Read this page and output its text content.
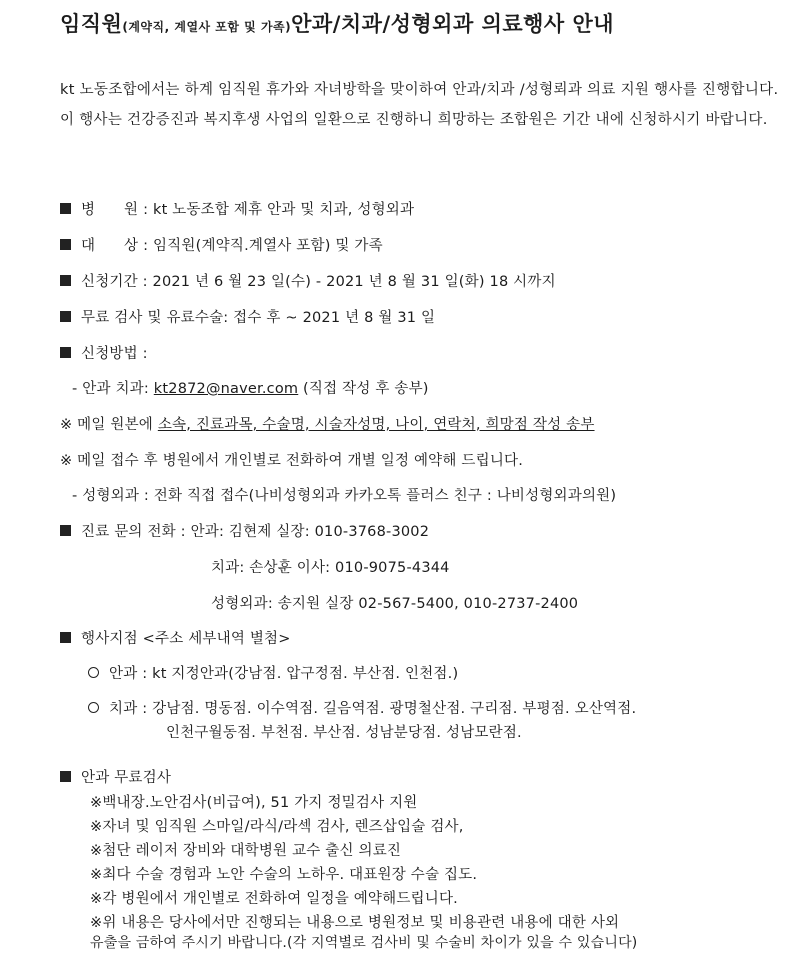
임직원(계약직, 계열사 포함 및 가족)안과/치과/성형외과 의료행사 안내
kt 노동조합에서는 하계 임직원 휴가와 자녀방학을 맞이하여 안과/치과 /성형뢰과 의료 지원 행사를 진행합니다. 이 행사는 건강증진과 복지후생 사업의 일환으로 진행하니 희망하는 조합원은 기간 내에 신청하시기 바랍니다.
병      원 : kt 노동조합 제휴 안과 및 치과, 성형외과
대      상 : 임직원(계약직.계열사 포함) 및 가족
신청기간 : 2021 년 6 월 23 일(수) - 2021 년 8 월 31 일(화) 18 시까지
무료 검사 및 유료수술: 접수 후 ~ 2021 년 8 월 31 일
신청방법 :
- 안과 치과: kt2872@naver.com (직접 작성 후 송부)
※ 메일 원본에 소속, 진료과목, 수술명, 시술자성명, 나이, 연락처, 희망점 작성 송부
※ 메일 접수 후 병원에서 개인별로 전화하여 개별 일정 예약해 드립니다.
- 성형외과 : 전화 직접 접수(나비성형외과 카카오톡 플러스 친구 : 나비성형외과의원)
진료 문의 전화 : 안과: 김현제 실장: 010-3768-3002
치과: 손상훈 이사: 010-9075-4344
성형외과: 송지원 실장 02-567-5400, 010-2737-2400
행사지점 <주소 세부내역 별첨>
안과 : kt 지정안과(강남점. 압구정점. 부산점. 인천점.)
치과 : 강남점. 명동점. 이수역점. 길음역점. 광명철산점. 구리점. 부평점. 오산역점.
인천구월동점. 부천점. 부산점. 성남분당점. 성남모란점.
안과 무료검사
※백내장.노안검사(비급여), 51 가지 정밀검사 지원
※자녀 및 임직원 스마일/라식/라섹 검사, 렌즈삽입술 검사,
※첨단 레이저 장비와 대학병원 교수 출신 의료진
※최다 수술 경험과 노안 수술의 노하우. 대표원장 수술 집도.
※각 병원에서 개인별로 전화하여 일정을 예약해드립니다.
※위 내용은 당사에서만 진행되는 내용으로 병원정보 및 비용관련 내용에 대한 사외
유출을 금하여 주시기 바랍니다.(각 지역별로 검사비 및 수술비 차이가 있을 수 있습니다)
